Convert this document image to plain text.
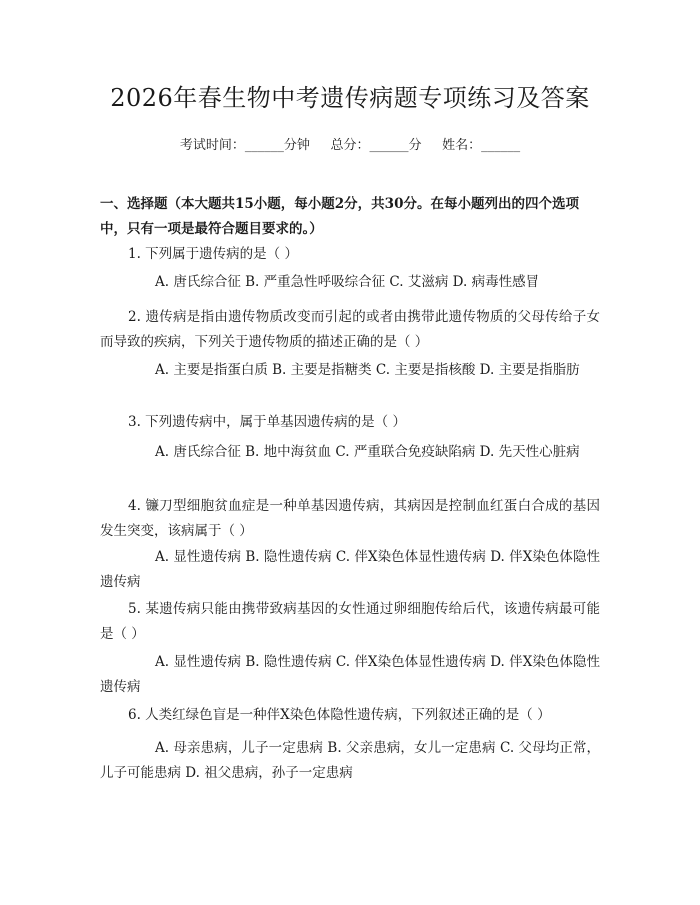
2026年春生物中考遗传病题专项练习及答案
考试时间：______分钟     总分：______分     姓名：______
一、选择题（本大题共15小题，每小题2分，共30分。在每小题列出的四个选项中，只有一项是最符合题目要求的。）
1. 下列属于遗传病的是（ ）
A. 唐氏综合征 B. 严重急性呼吸综合征 C. 艾滋病 D. 病毒性感冒
2. 遗传病是指由遗传物质改变而引起的或者由携带此遗传物质的父母传给子女而导致的疾病，下列关于遗传物质的描述正确的是（ ）
A. 主要是指蛋白质 B. 主要是指糖类 C. 主要是指核酸 D. 主要是指脂肪
3. 下列遗传病中，属于单基因遗传病的是（ ）
A. 唐氏综合征 B. 地中海贫血 C. 严重联合免疫缺陷病 D. 先天性心脏病
4. 镰刀型细胞贫血症是一种单基因遗传病，其病因是控制血红蛋白合成的基因发生突变，该病属于（ ）
A. 显性遗传病 B. 隐性遗传病 C. 伴X染色体显性遗传病 D. 伴X染色体隐性遗传病
5. 某遗传病只能由携带致病基因的女性通过卵细胞传给后代，该遗传病最可能是（ ）
A. 显性遗传病 B. 隐性遗传病 C. 伴X染色体显性遗传病 D. 伴X染色体隐性遗传病
6. 人类红绿色盲是一种伴X染色体隐性遗传病，下列叙述正确的是（ ）
A. 母亲患病，儿子一定患病 B. 父亲患病，女儿一定患病 C. 父母均正常，儿子可能患病 D. 祖父患病，孙子一定患病
